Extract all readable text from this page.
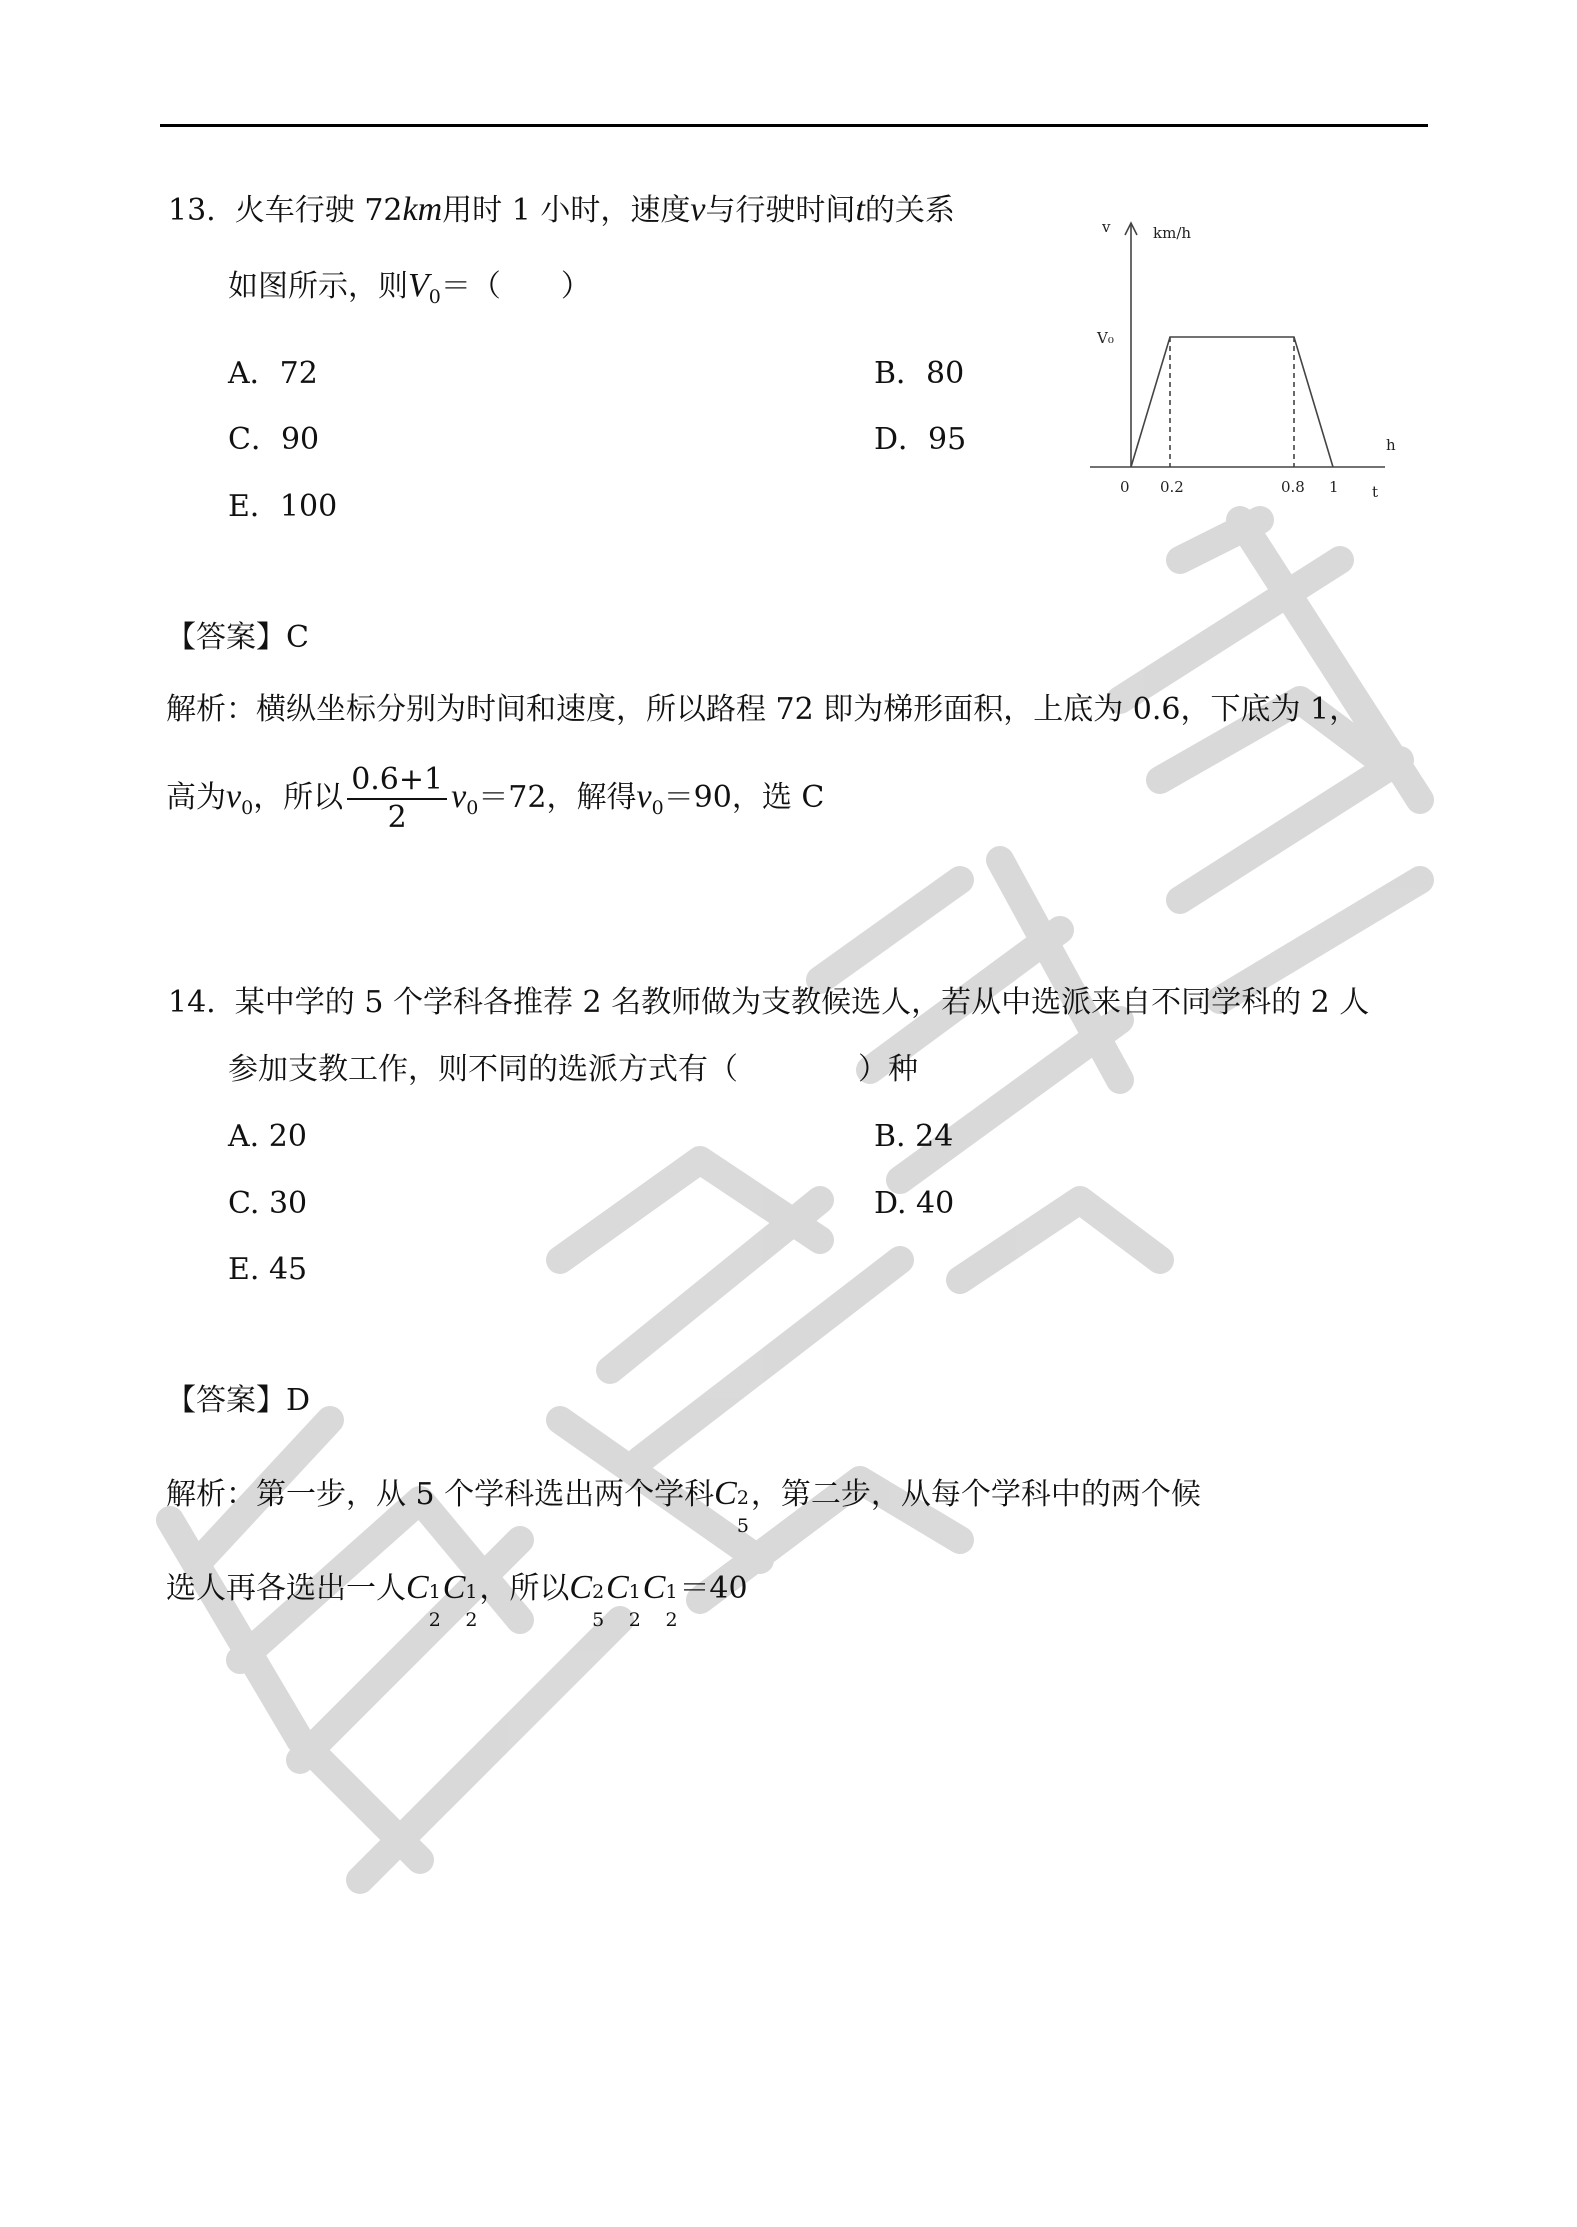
13. 火车行驶 72km用时 1 小时，速度v与行驶时间t的关系
如图所示，则$V_0=$（　　）
A．72	B．80
C．90	D．95
E．100
v	km/h
V₀
h
0 0.2	0.8 1 t
【答案】C
解析：横纵坐标分别为时间和速度，所以路程 72 即为梯形面积，上底为 0.6，下底为 1，
高为$v_0$，所以 $\frac{0.6+1}{2} v_0=72$，解得$v_0=90$，选 C
14. 某中学的 5 个学科各推荐 2 名教师做为支教候选人，若从中选派来自不同学科的 2 人
参加支教工作，则不同的选派方式有（　　　　）种
A. 20	B. 24
C. 30	D. 40
E. 45
【答案】D
解析：第一步，从 5 个学科选出两个学科C 2
5
，第二步，从每个学科中的两个候
选人再各选出一人C 1
2
C 1
2
，所以C 2
5
C 1
2
C 1
2
＝40
